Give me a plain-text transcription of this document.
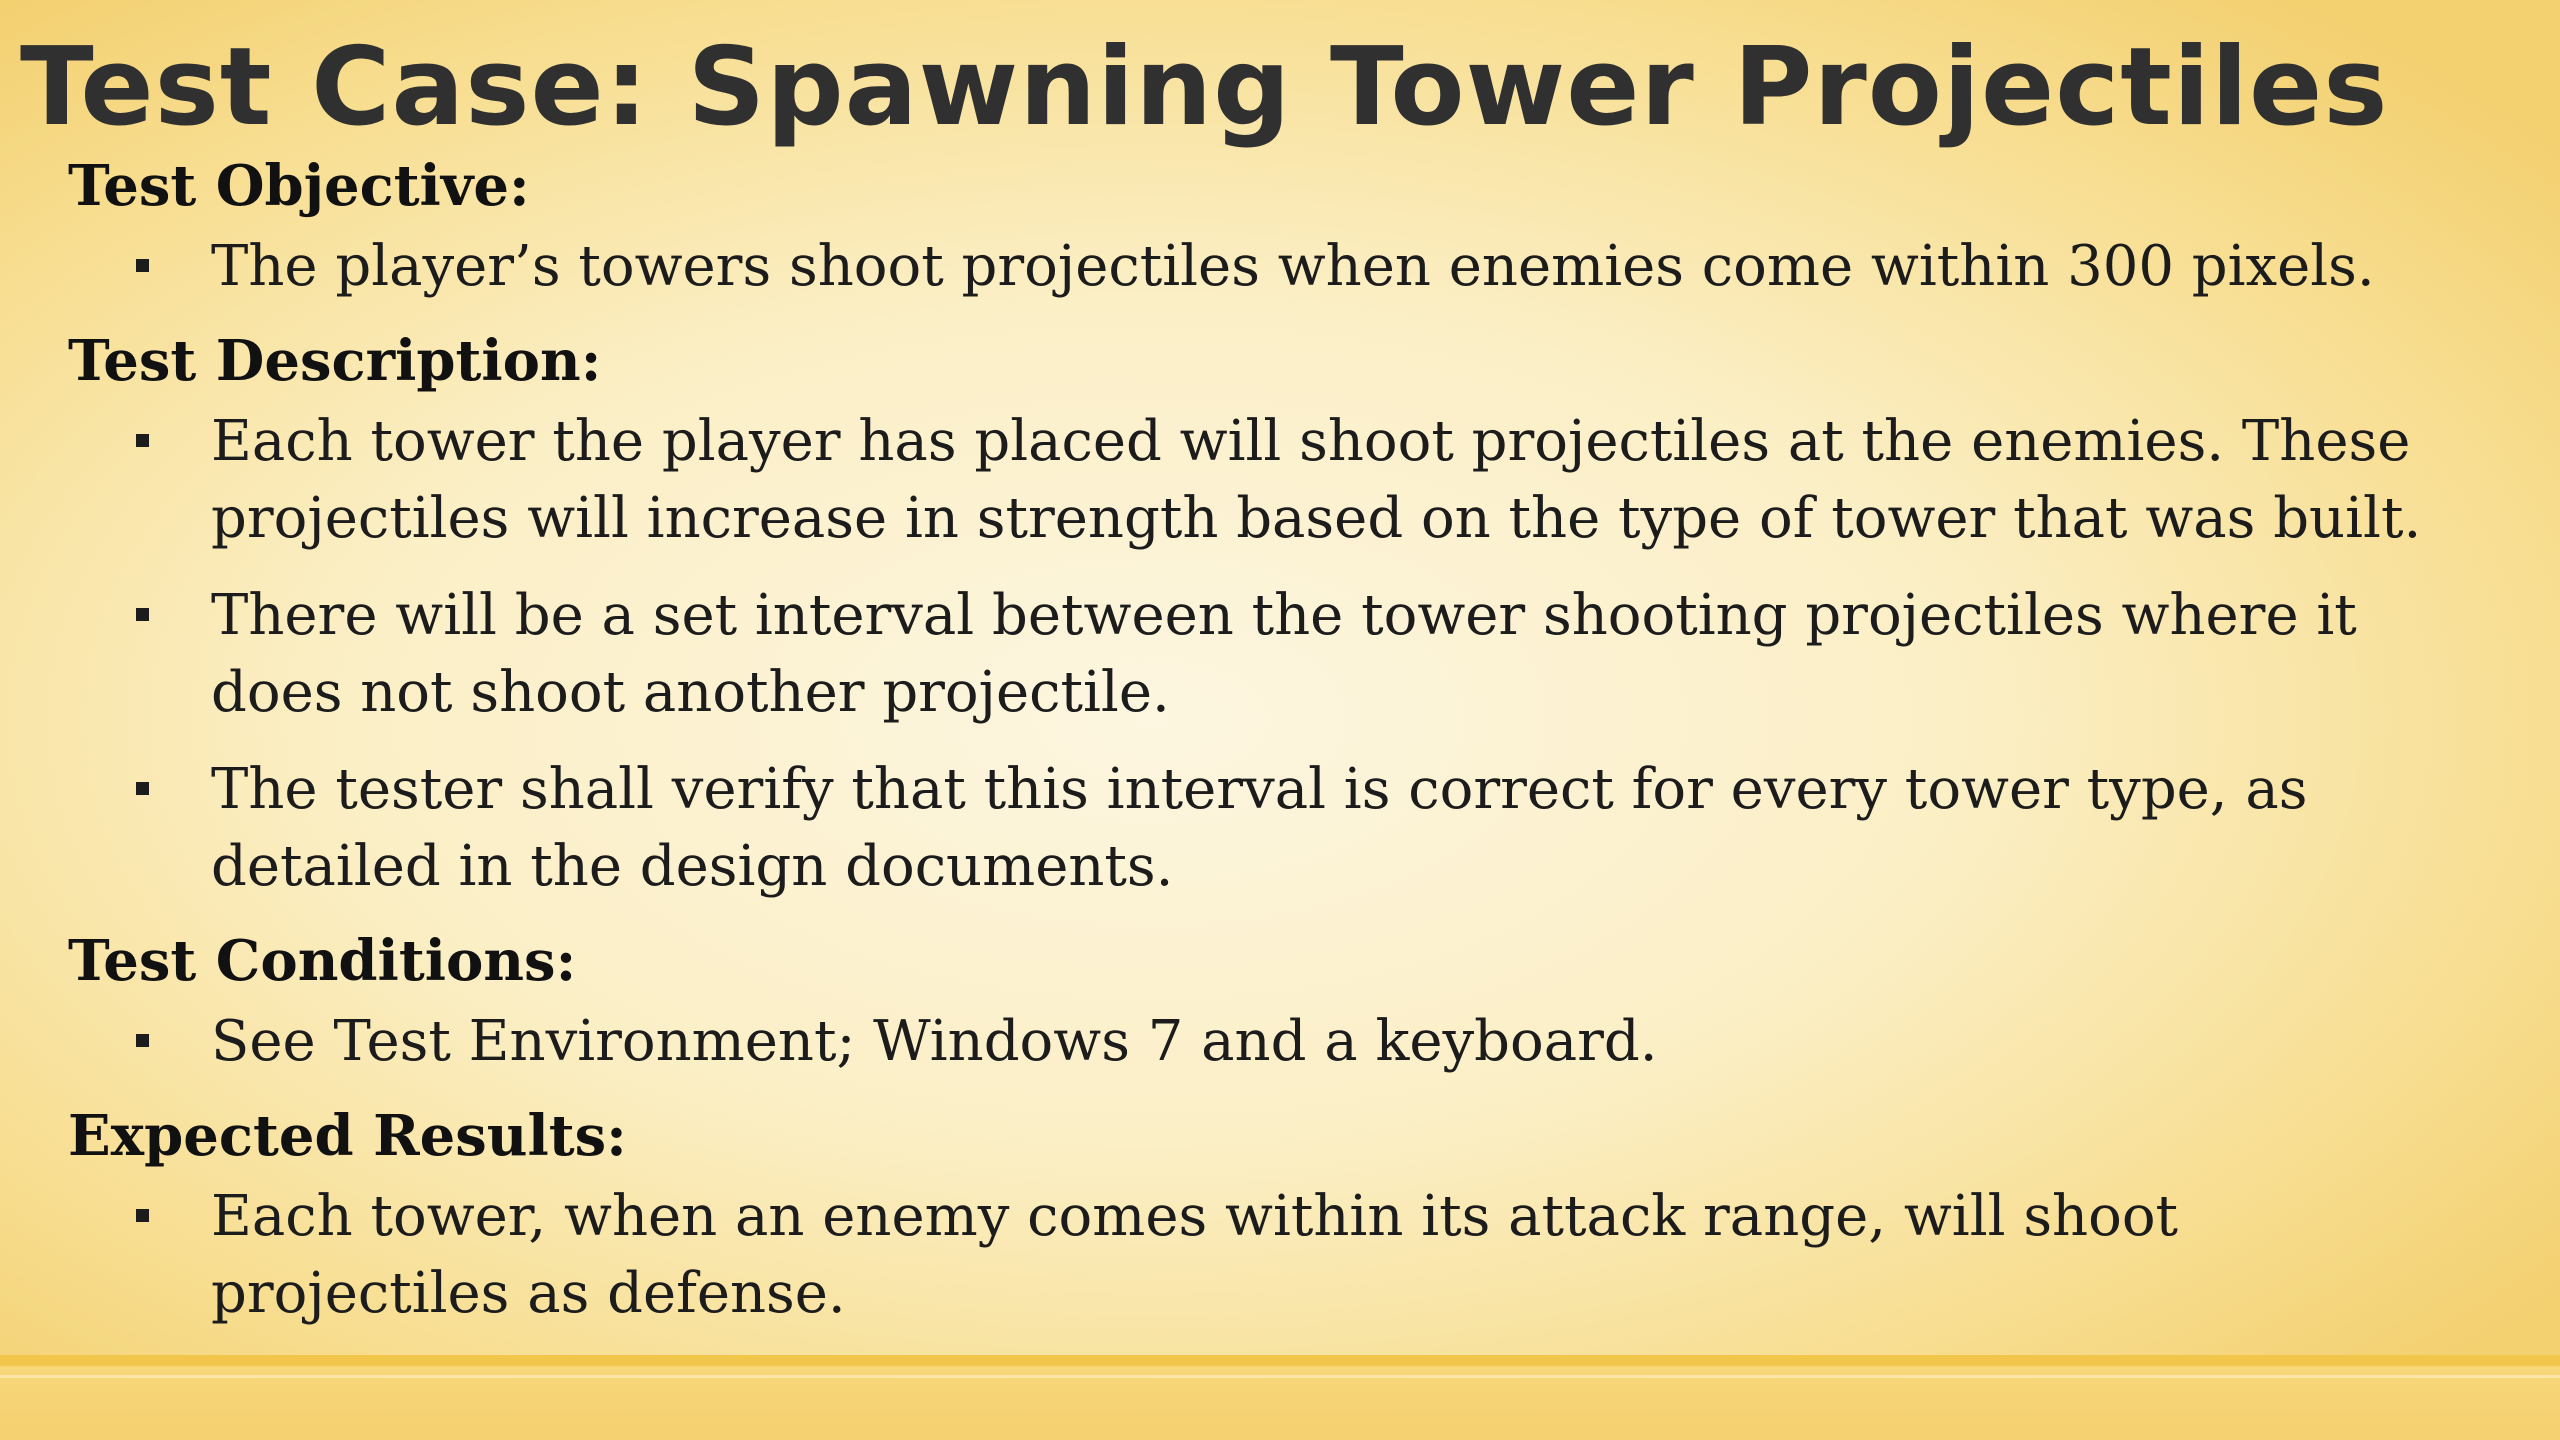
Test Case: Spawning Tower Projectiles

Test Objective:

The player’s towers shoot projectiles when enemies come within 300 pixels.

Test Description:

Each tower the player has placed will shoot projectiles at the enemies. These projectiles will increase in strength based on the type of tower that was built.
There will be a set interval between the tower shooting projectiles where it does not shoot another projectile.
The tester shall verify that this interval is correct for every tower type, as detailed in the design documents.

Test Conditions:

See Test Environment; Windows 7 and a keyboard.

Expected Results:

Each tower, when an enemy comes within its attack range, will shoot projectiles as defense.
